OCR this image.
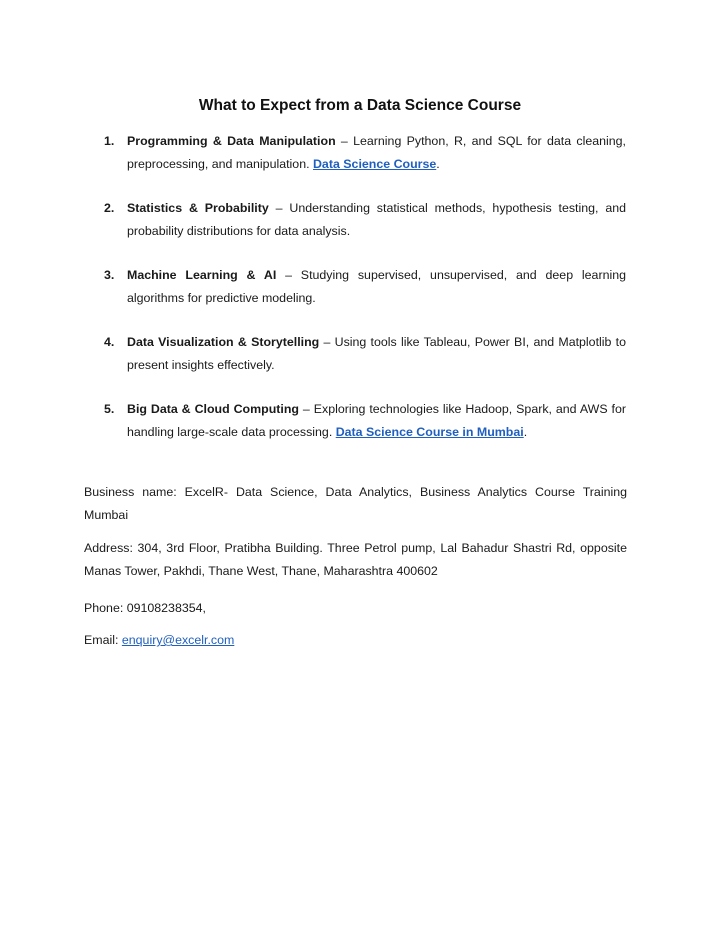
What to Expect from a Data Science Course
1. Programming & Data Manipulation – Learning Python, R, and SQL for data cleaning, preprocessing, and manipulation. Data Science Course.
2. Statistics & Probability – Understanding statistical methods, hypothesis testing, and probability distributions for data analysis.
3. Machine Learning & AI – Studying supervised, unsupervised, and deep learning algorithms for predictive modeling.
4. Data Visualization & Storytelling – Using tools like Tableau, Power BI, and Matplotlib to present insights effectively.
5. Big Data & Cloud Computing – Exploring technologies like Hadoop, Spark, and AWS for handling large-scale data processing. Data Science Course in Mumbai.

Business name: ExcelR- Data Science, Data Analytics, Business Analytics Course Training Mumbai

Address: 304, 3rd Floor, Pratibha Building. Three Petrol pump, Lal Bahadur Shastri Rd, opposite Manas Tower, Pakhdi, Thane West, Thane, Maharashtra 400602

Phone: 09108238354,

Email: enquiry@excelr.com
